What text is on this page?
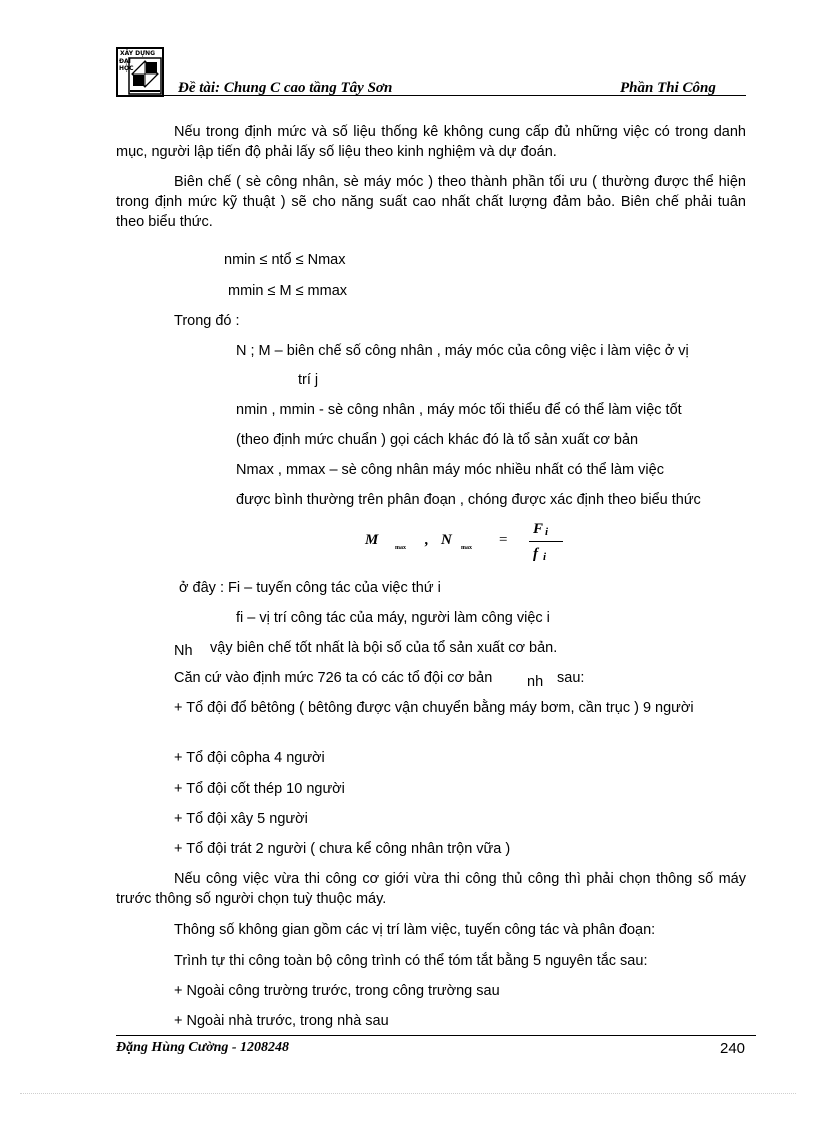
XÂY DỰNG
ĐẠI HỌC
Đề tài: Chung C cao tầng Tây Sơn	Phần Thi Công
Nếu trong định mức và số liệu thống kê không cung cấp đủ những việc có trong danh mục, người lập tiến độ phải lấy số liệu theo kinh nghiệm và dự đoán.
Biên chế ( sè công nhân, sè máy móc ) theo thành phần tối ưu ( thường được thể hiện trong định mức kỹ thuật ) sẽ cho năng suất cao nhất chất lượng đảm bảo. Biên chế phải tuân theo biểu thức.
nmin ≤ ntổ ≤ Nmax
mmin ≤ M ≤ mmax
Trong đó :
N ; M – biên chế số công nhân , máy móc của công việc i làm việc ở vị
trí j
nmin , mmin - sè công nhân , máy móc tối thiểu để có thể làm việc tốt
(theo định mức chuẩn ) gọi cách khác đó là tổ sản xuất cơ bản
Nmax , mmax – sè công nhân máy móc nhiều nhất có thể làm việc
được bình thường trên phân đoạn , chóng được xác định theo biểu thức
M	max , N max =
F i
f i
ở đây : Fi – tuyến công tác của việc thứ i
fi – vị trí công tác của máy, người làm công việc i
Nh vậy biên chế tốt nhất là bội số của tổ sản xuất cơ bản.
Căn cứ vào định mức 726 ta có các tổ đội cơ bản nh sau:
+ Tổ đội đổ bêtông ( bêtông được vận chuyển bằng máy bơm, cần trục ) 9 người
+ Tổ đội côpha 4 người
+ Tổ đội cốt thép 10 người
+ Tổ đội xây 5 người
+ Tổ đội trát 2 người ( chưa kể công nhân trộn vữa )
Nếu công việc vừa thi công cơ giới vừa thi công thủ công thì phải chọn thông số máy trước thông số người chọn tuỳ thuộc máy.
Thông số không gian gồm các vị trí làm việc, tuyến công tác và phân đoạn:
Trình tự thi công toàn bộ công trình có thể tóm tắt bằng 5 nguyên tắc sau:
+ Ngoài công trường trước, trong công trường sau
+ Ngoài nhà trước, trong nhà sau
Đặng Hùng Cường - 1208248	240
